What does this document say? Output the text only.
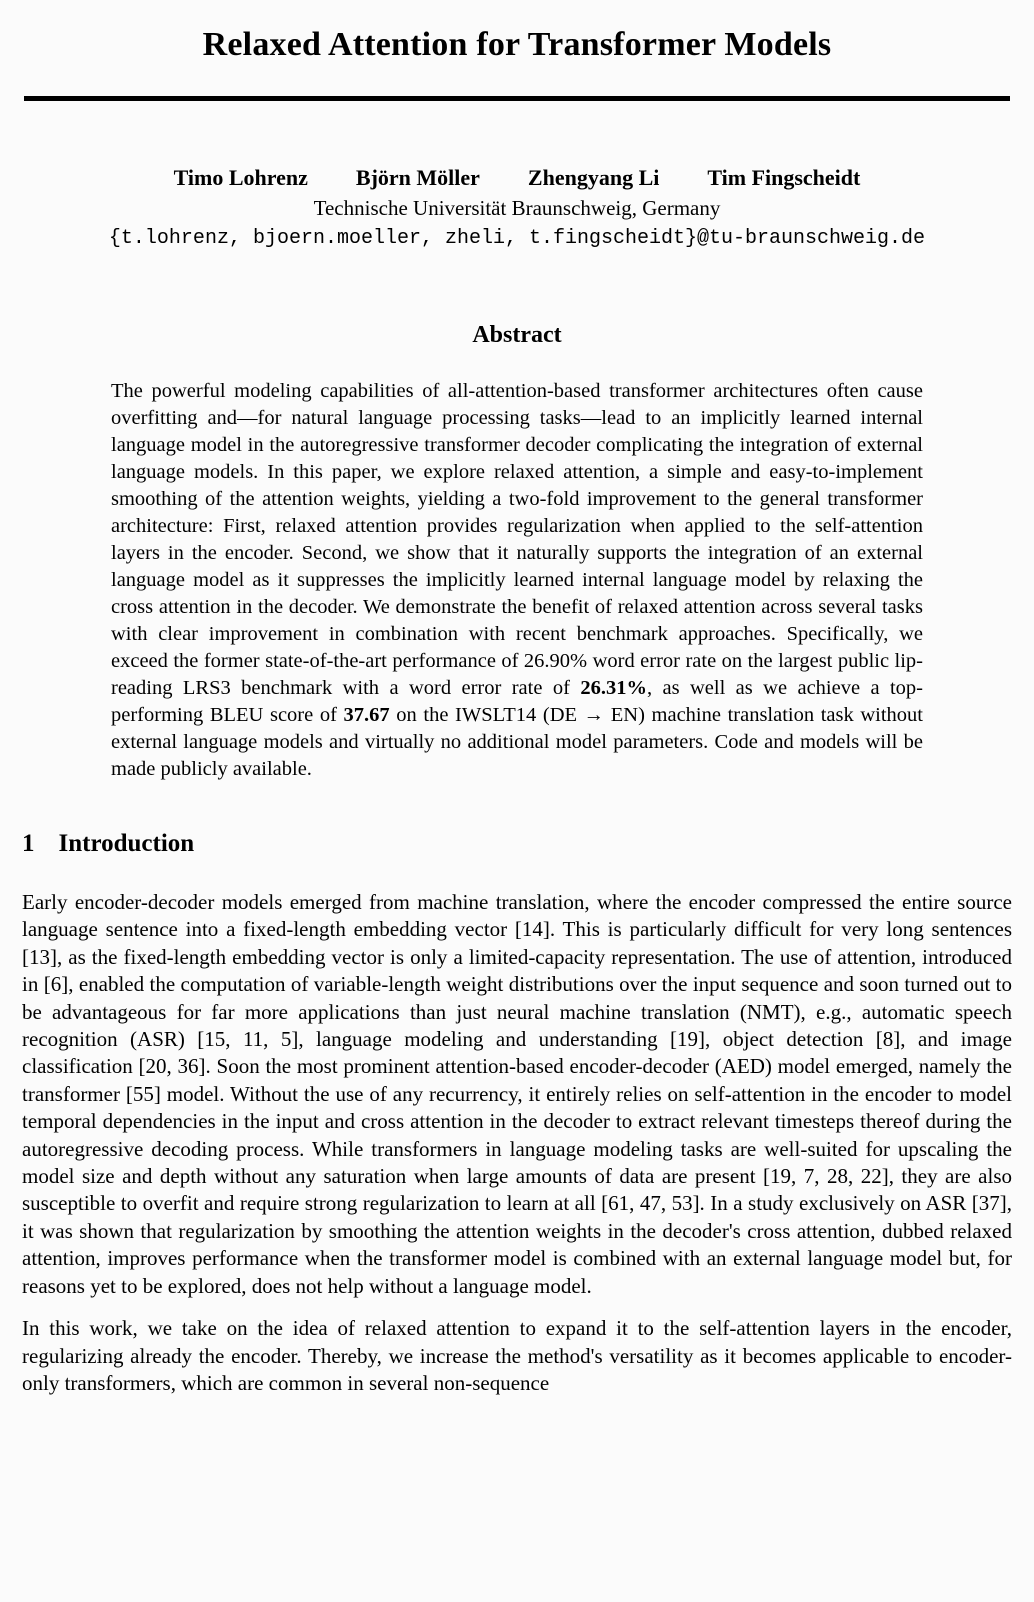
Relaxed Attention for Transformer Models
Timo Lohrenz Björn Möller Zhengyang Li Tim Fingscheidt
Technische Universität Braunschweig, Germany
{t.lohrenz, bjoern.moeller, zheli, t.fingscheidt}@tu-braunschweig.de
Abstract
The powerful modeling capabilities of all-attention-based transformer architectures often cause overfitting and—for natural language processing tasks—lead to an implicitly learned internal language model in the autoregressive transformer decoder complicating the integration of external language models. In this paper, we explore relaxed attention, a simple and easy-to-implement smoothing of the attention weights, yielding a two-fold improvement to the general transformer architecture: First, relaxed attention provides regularization when applied to the self-attention layers in the encoder. Second, we show that it naturally supports the integration of an external language model as it suppresses the implicitly learned internal language model by relaxing the cross attention in the decoder. We demonstrate the benefit of relaxed attention across several tasks with clear improvement in combination with recent benchmark approaches. Specifically, we exceed the former state-of-the-art performance of 26.90% word error rate on the largest public lip-reading LRS3 benchmark with a word error rate of 26.31%, as well as we achieve a top-performing BLEU score of 37.67 on the IWSLT14 (DE → EN) machine translation task without external language models and virtually no additional model parameters. Code and models will be made publicly available.
1 Introduction

Early encoder-decoder models emerged from machine translation, where the encoder compressed the entire source language sentence into a fixed-length embedding vector [14]. This is particularly difficult for very long sentences [13], as the fixed-length embedding vector is only a limited-capacity representation. The use of attention, introduced in [6], enabled the computation of variable-length weight distributions over the input sequence and soon turned out to be advantageous for far more applications than just neural machine translation (NMT), e.g., automatic speech recognition (ASR) [15, 11, 5], language modeling and understanding [19], object detection [8], and image classification [20, 36]. Soon the most prominent attention-based encoder-decoder (AED) model emerged, namely the transformer [55] model. Without the use of any recurrency, it entirely relies on self-attention in the encoder to model temporal dependencies in the input and cross attention in the decoder to extract relevant timesteps thereof during the autoregressive decoding process. While transformers in language modeling tasks are well-suited for upscaling the model size and depth without any saturation when large amounts of data are present [19, 7, 28, 22], they are also susceptible to overfit and require strong regularization to learn at all [61, 47, 53]. In a study exclusively on ASR [37], it was shown that regularization by smoothing the attention weights in the decoder's cross attention, dubbed relaxed attention, improves performance when the transformer model is combined with an external language model but, for reasons yet to be explored, does not help without a language model.

In this work, we take on the idea of relaxed attention to expand it to the self-attention layers in the encoder, regularizing already the encoder. Thereby, we increase the method's versatility as it becomes applicable to encoder-only transformers, which are common in several non-sequence
